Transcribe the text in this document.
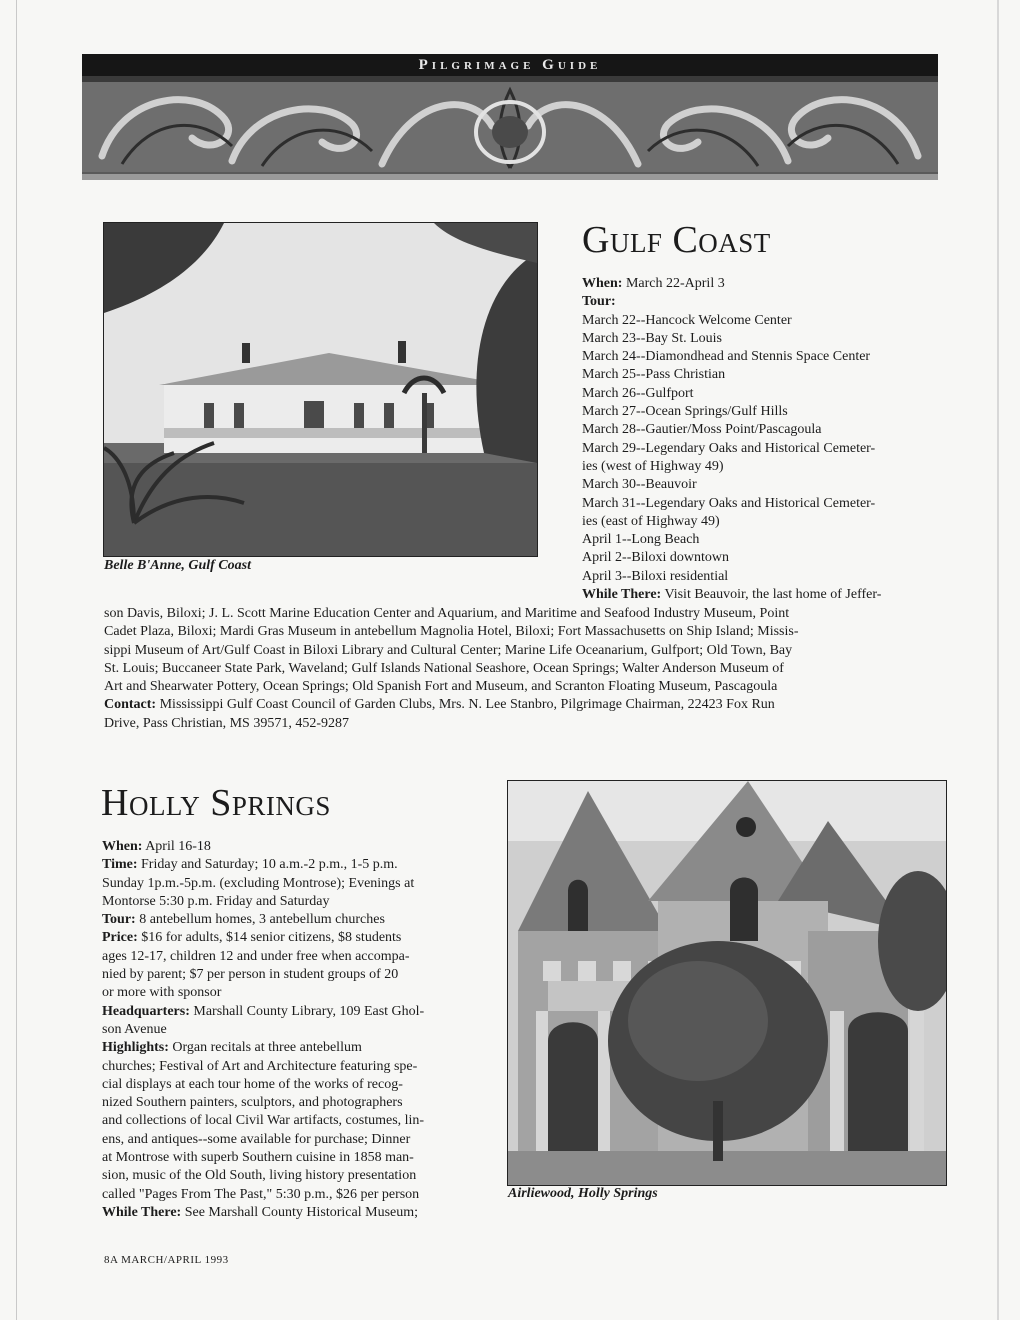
Pilgrimage Guide
Belle B'Anne, Gulf Coast
Gulf Coast
When: March 22-April 3
Tour:
March 22--Hancock Welcome Center
March 23--Bay St. Louis
March 24--Diamondhead and Stennis Space Center
March 25--Pass Christian
March 26--Gulfport
March 27--Ocean Springs/Gulf Hills
March 28--Gautier/Moss Point/Pascagoula
March 29--Legendary Oaks and Historical Cemeter-
ies (west of Highway 49)
March 30--Beauvoir
March 31--Legendary Oaks and Historical Cemeter-
ies (east of Highway 49)
April 1--Long Beach
April 2--Biloxi downtown
April 3--Biloxi residential
While There: Visit Beauvoir, the last home of Jeffer-
son Davis, Biloxi; J. L. Scott Marine Education Center and Aquarium, and Maritime and Seafood Industry Museum, Point
Cadet Plaza, Biloxi; Mardi Gras Museum in antebellum Magnolia Hotel, Biloxi; Fort Massachusetts on Ship Island; Missis-
sippi Museum of Art/Gulf Coast in Biloxi Library and Cultural Center; Marine Life Oceanarium, Gulfport; Old Town, Bay
St. Louis; Buccaneer State Park, Waveland; Gulf Islands National Seashore, Ocean Springs; Walter Anderson Museum of
Art and Shearwater Pottery, Ocean Springs; Old Spanish Fort and Museum, and Scranton Floating Museum, Pascagoula
Contact: Mississippi Gulf Coast Council of Garden Clubs, Mrs. N. Lee Stanbro, Pilgrimage Chairman, 22423 Fox Run
Drive, Pass Christian, MS 39571, 452-9287
Holly Springs
When: April 16-18
Time: Friday and Saturday; 10 a.m.-2 p.m., 1-5 p.m.
Sunday 1p.m.-5p.m. (excluding Montrose); Evenings at
Montorse 5:30 p.m. Friday and Saturday
Tour: 8 antebellum homes, 3 antebellum churches
Price: $16 for adults, $14 senior citizens, $8 students
ages 12-17, children 12 and under free when accompa-
nied by parent; $7 per person in student groups of 20
or more with sponsor
Headquarters: Marshall County Library, 109 East Ghol-
son Avenue
Highlights: Organ recitals at three antebellum
churches; Festival of Art and Architecture featuring spe-
cial displays at each tour home of the works of recog-
nized Southern painters, sculptors, and photographers
and collections of local Civil War artifacts, costumes, lin-
ens, and antiques--some available for purchase; Dinner
at Montrose with superb Southern cuisine in 1858 man-
sion, music of the Old South, living history presentation
called "Pages From The Past," 5:30 p.m., $26 per person
While There: See Marshall County Historical Museum;
Airliewood, Holly Springs
8A MARCH/APRIL 1993
